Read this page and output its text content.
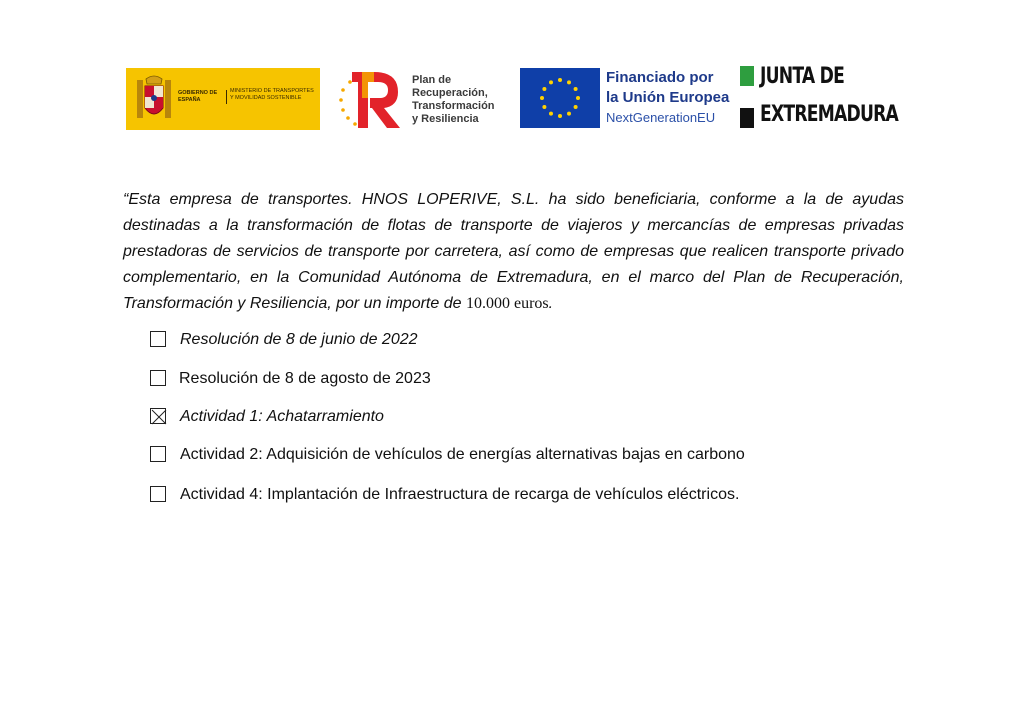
GOBIERNO DE ESPAÑA
MINISTERIO DE TRANSPORTES Y MOVILIDAD SOSTENIBLE
Plan de
Recuperación,
Transformación
y Resiliencia
Financiado por
la Unión Europea
NextGenerationEU
JUNTA DE
EXTREMADURA
“Esta empresa de transportes. HNOS LOPERIVE, S.L. ha sido beneficiaria, conforme a la de ayudas destinadas a la transformación de flotas de transporte de viajeros y mercancías de empresas privadas prestadoras de servicios de transporte por carretera, así como de empresas que realicen transporte privado complementario, en la Comunidad Autónoma de Extremadura, en el marco del Plan de Recuperación, Transformación y Resiliencia, por un importe de 10.000 euros.
Resolución de 8 de junio de 2022
Resolución de 8 de agosto de 2023
Actividad 1: Achatarramiento
Actividad 2: Adquisición de vehículos de energías alternativas bajas en carbono
Actividad 4: Implantación de Infraestructura de recarga de vehículos eléctricos.
